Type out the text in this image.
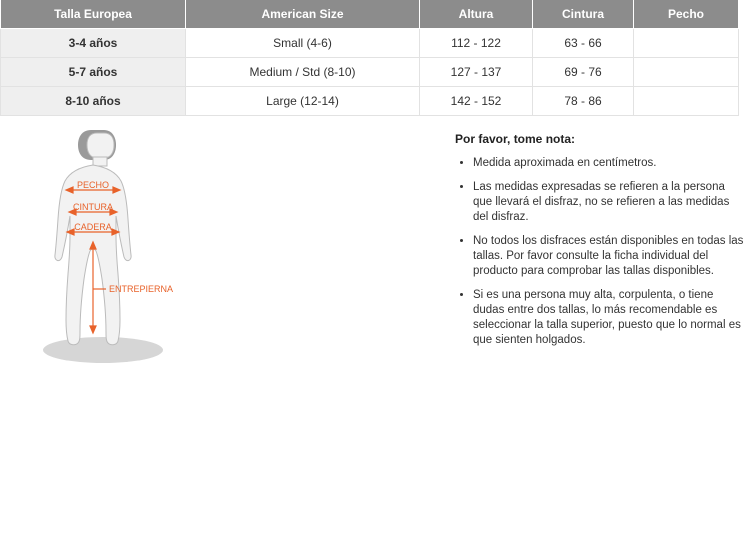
Talla Europea	American Size	Altura	Cintura	Pecho
3-4 años	Small (4-6)	112 - 122	63 - 66	
5-7 años	Medium / Std (8-10)	127 - 137	69 - 76	
8-10 años	Large (12-14)	142 - 152	78 - 86	
PECHO
CINTURA
CADERA
ENTREPIERNA
Por favor, tome nota:
• Medida aproximada en centímetros.
• Las medidas expresadas se refieren a la persona que llevará el disfraz, no se refieren a las medidas del disfraz.
• No todos los disfraces están disponibles en todas las tallas. Por favor consulte la ficha individual del producto para comprobar las tallas disponibles.
• Si es una persona muy alta, corpulenta, o tiene dudas entre dos tallas, lo más recomendable es seleccionar la talla superior, puesto que lo normal es que sienten holgados.
